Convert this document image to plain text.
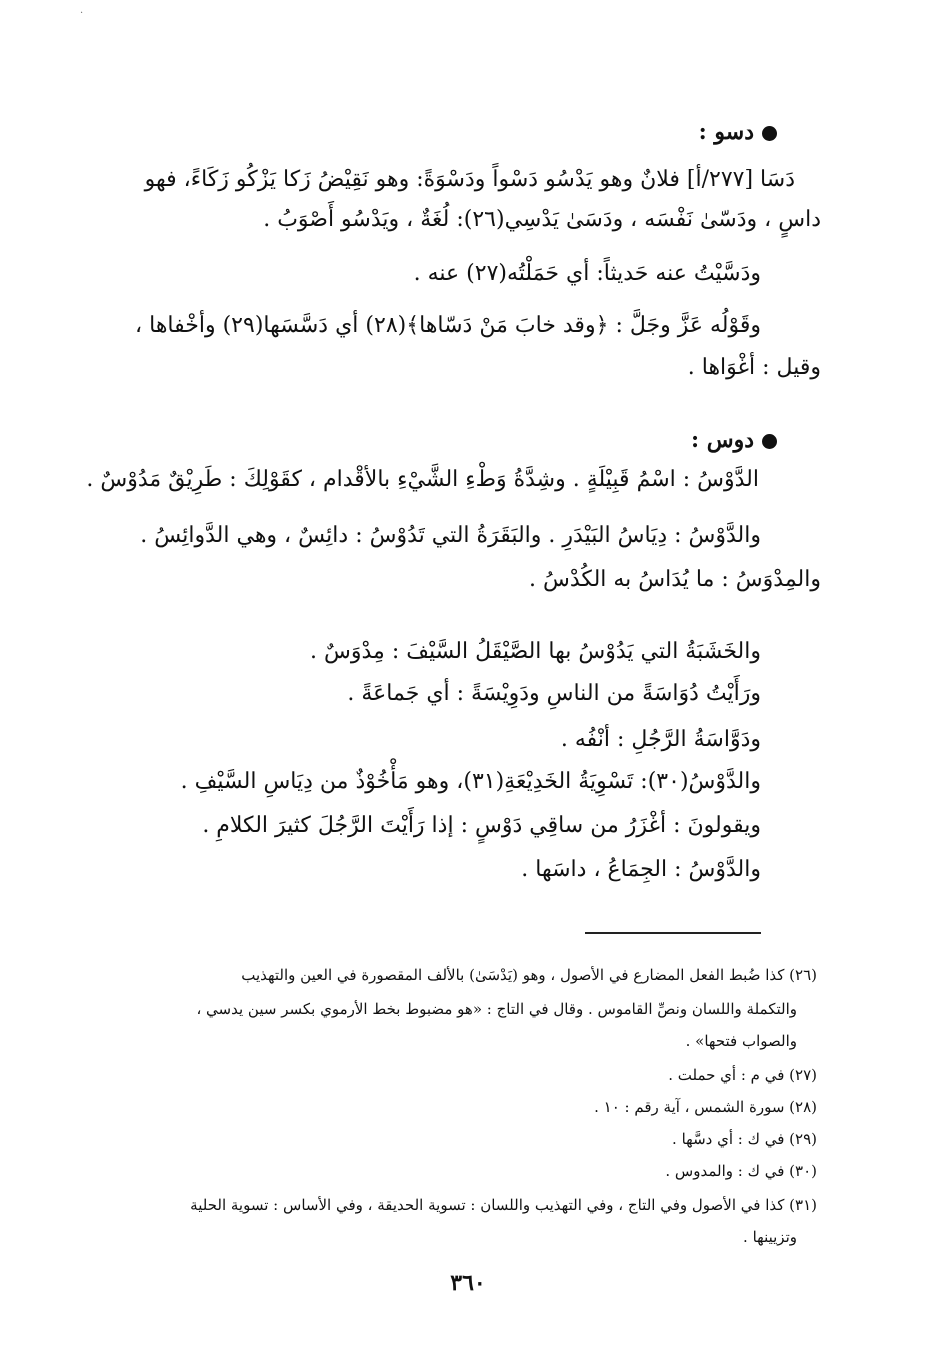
·
دسو :
دَسَا [٢٧٧/أ] فلانٌ وهو يَدْسُو دَسْواً ودَسْوَةً: وهو نَقِيْضُ زَكا يَزْكُو زَكَاءً، فهو
داسٍ ، ودَسّىٰ نَفْسَه ، ودَسَىٰ يَدْسِي(٢٦): لُغَةٌ ، ويَدْسُو أَصْوَبُ .
ودَسَّيْتُ عنه حَديثاً: أي حَمَلْتُه(٢٧) عنه .
وقَوْلُه عَزَّ وجَلَّ : ﴿وقد خابَ مَنْ دَسّاها﴾(٢٨) أي دَسَّسَها(٢٩) وأخْفاها ،
وقيل : أغْوَاها .
دوس :
الدَّوْسُ : اسْمُ قَبِيْلَةٍ . وشِدَّةُ وَطْءِ الشَّيْءِ بالأقْدام ، كقَوْلِكَ : طَرِيْقٌ مَدُوْسٌ .
والدَّوْسُ : دِيَاسُ البَيْدَرِ . والبَقَرَةُ التي تَدُوْسُ : دائِسٌ ، وهي الدَّوائِسُ .
والمِدْوَسُ : ما يُدَاسُ به الكُدْسُ .
والخَشَبَةُ التي يَدُوْسُ بها الصَّيْقَلُ السَّيْفَ : مِدْوَسٌ .
ورَأَيْتُ دُوَاسَةً من الناسِ ودَوِيْسَةً : أي جَماعَةً .
ودَوَّاسَةُ الرَّجُلِ : أنْفُه .
والدَّوْسُ(٣٠): تَسْوِيَةُ الخَدِيْعَةِ(٣١)، وهو مَأْخُوْذٌ من دِيَاسِ السَّيْفِ .
ويقولونَ : أغْزَرُ من ساقِي دَوْسٍ : إذا رَأَيْتَ الرَّجُلَ كثيرَ الكلامِ .
والدَّوْسُ : الجِمَاعُ ، داسَها .
(٢٦) كذا ضُبط الفعل المضارع في الأصول ، وهو (يَدْسَىٰ) بالألف المقصورة في العين والتهذيب
والتكملة واللسان ونصِّ القاموس . وقال في التاج : «هو مضبوط بخط الأرموي بكسر سين يدسي ،
والصواب فتحها» .
(٢٧) في م : أي حملت .
(٢٨) سورة الشمس ، آية رقم : ١٠ .
(٢٩) في ك : أي دسَّها .
(٣٠) في ك : والمدوس .
(٣١) كذا في الأصول وفي التاج ، وفي التهذيب واللسان : تسوية الحديقة ، وفي الأساس : تسوية الحلية
وتزيينها .
٣٦٠
